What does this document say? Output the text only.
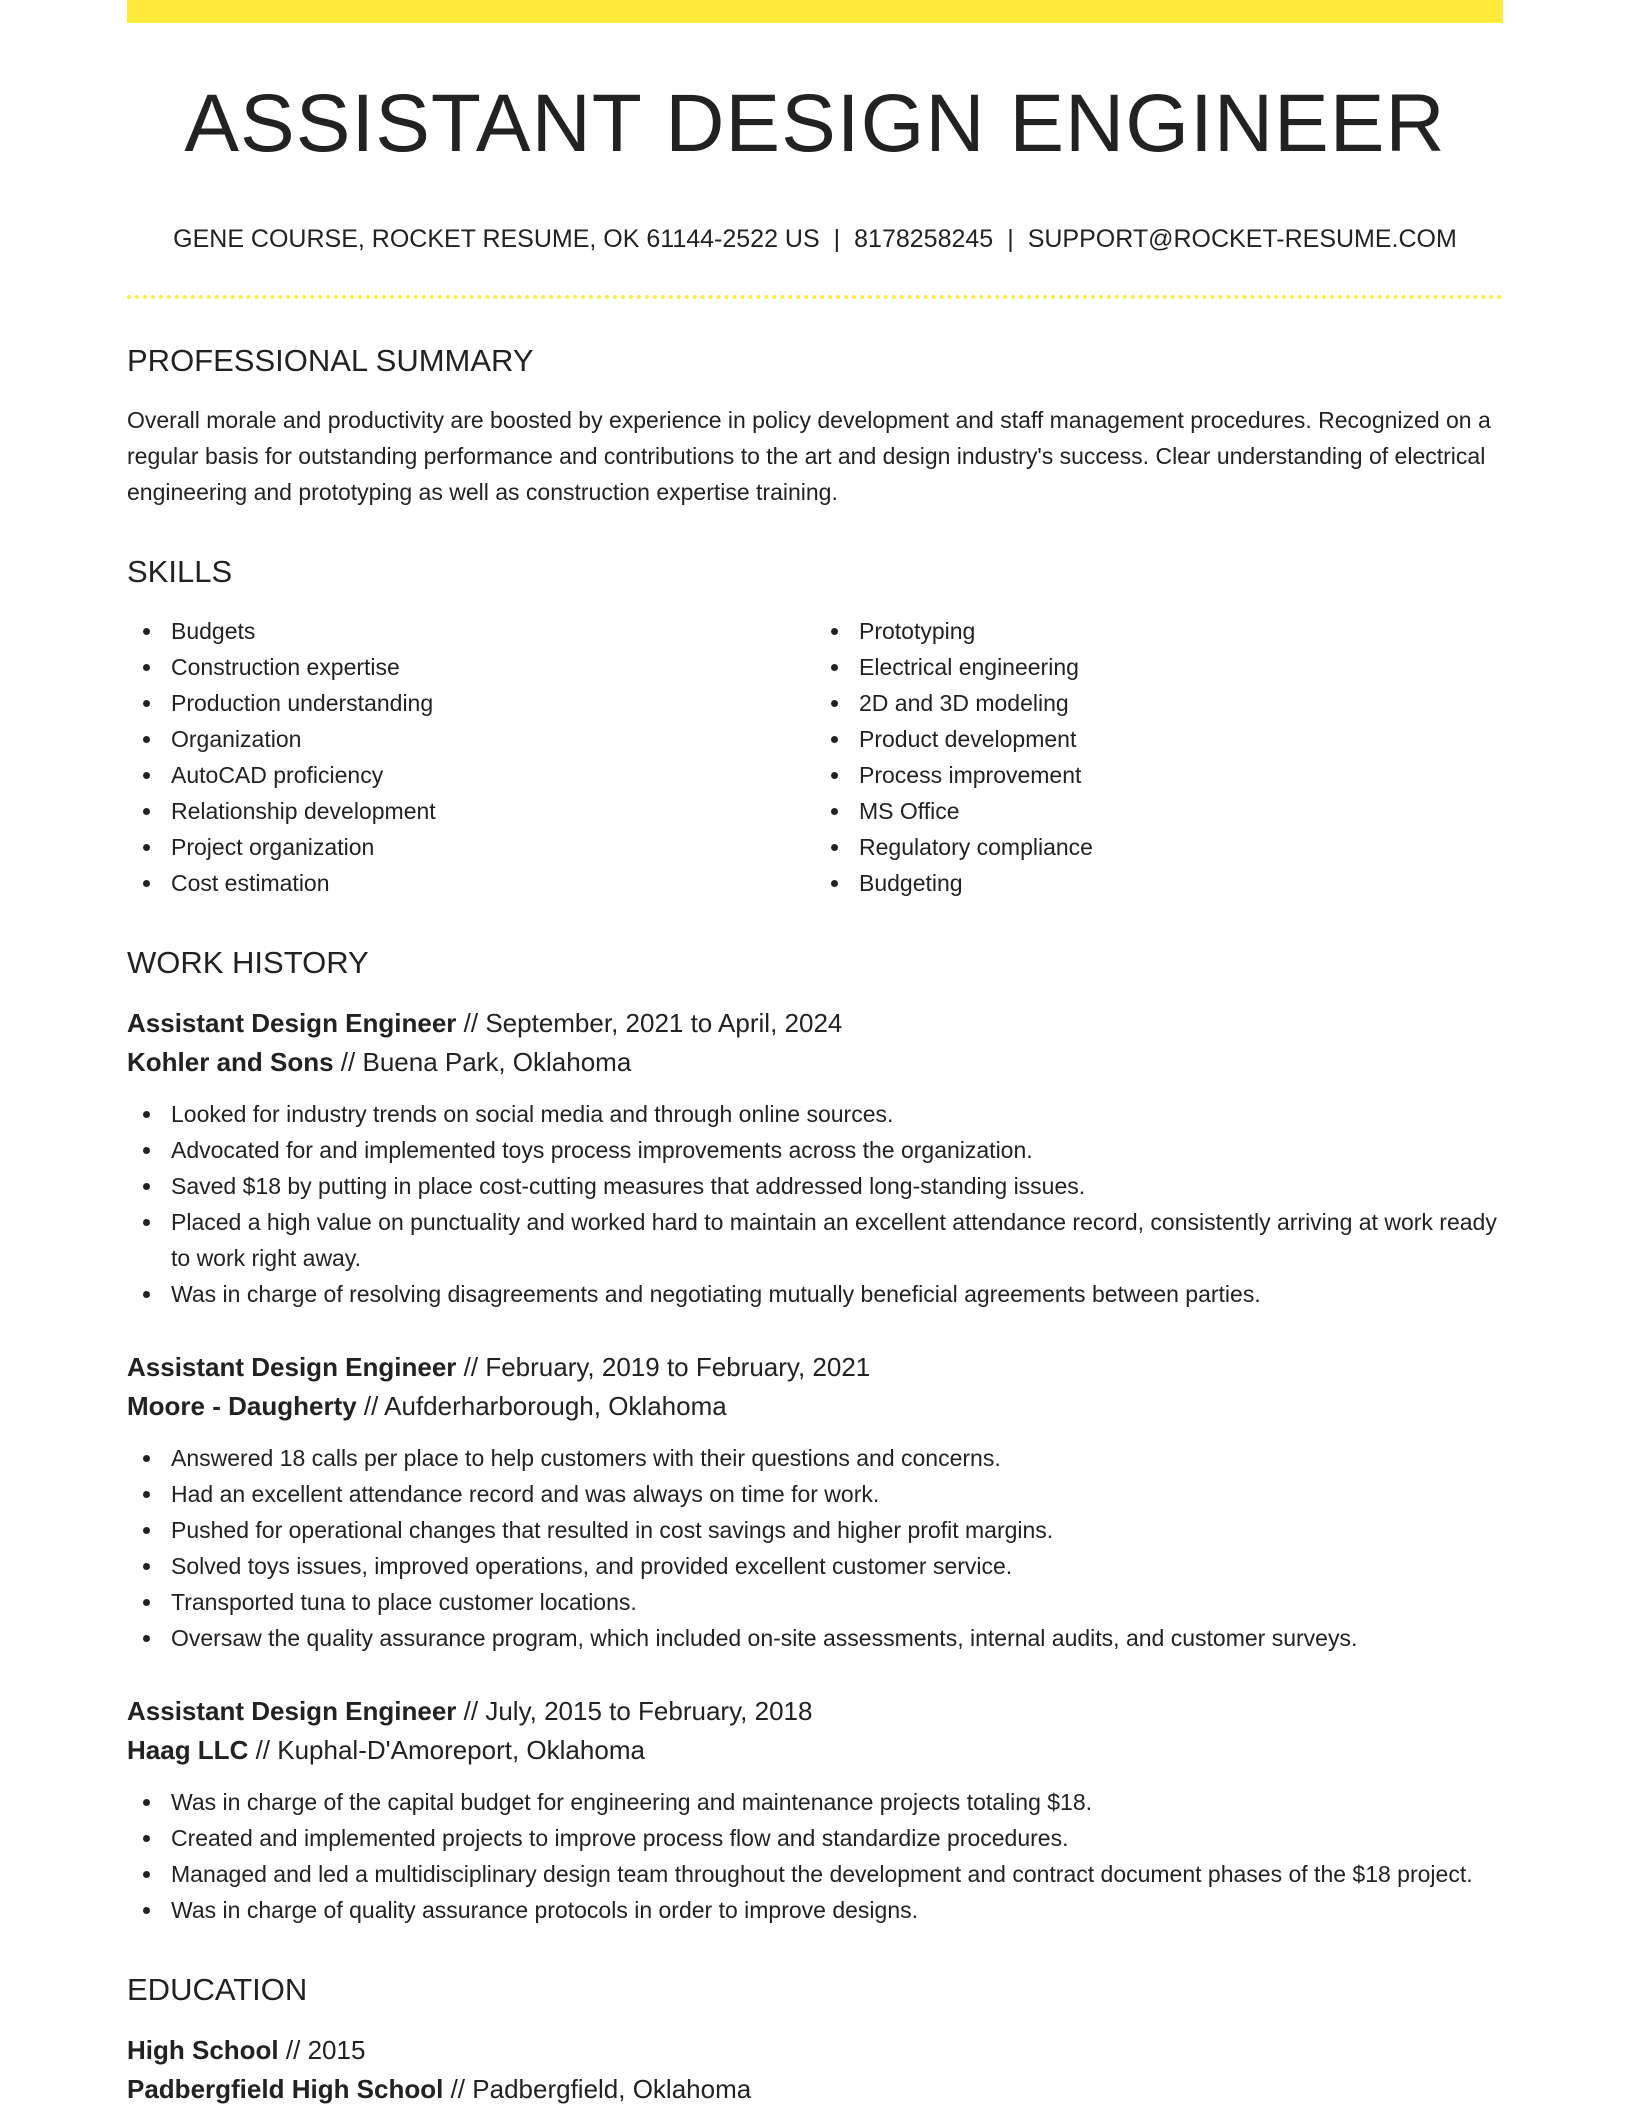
ASSISTANT DESIGN ENGINEER
GENE COURSE, ROCKET RESUME, OK 61144-2522 US | 8178258245 | SUPPORT@ROCKET-RESUME.COM
PROFESSIONAL SUMMARY

Overall morale and productivity are boosted by experience in policy development and staff management procedures. Recognized on a regular basis for outstanding performance and contributions to the art and design industry's success. Clear understanding of electrical engineering and prototyping as well as construction expertise training.

SKILLS
Budgets
Construction expertise
Production understanding
Organization
AutoCAD proficiency
Relationship development
Project organization
Cost estimation
Prototyping
Electrical engineering
2D and 3D modeling
Product development
Process improvement
MS Office
Regulatory compliance
Budgeting
WORK HISTORY
Assistant Design Engineer // September, 2021 to April, 2024
Kohler and Sons // Buena Park, Oklahoma
Looked for industry trends on social media and through online sources.
Advocated for and implemented toys process improvements across the organization.
Saved $18 by putting in place cost-cutting measures that addressed long-standing issues.
Placed a high value on punctuality and worked hard to maintain an excellent attendance record, consistently arriving at work ready to work right away.
Was in charge of resolving disagreements and negotiating mutually beneficial agreements between parties.
Assistant Design Engineer // February, 2019 to February, 2021
Moore - Daugherty // Aufderharborough, Oklahoma
Answered 18 calls per place to help customers with their questions and concerns.
Had an excellent attendance record and was always on time for work.
Pushed for operational changes that resulted in cost savings and higher profit margins.
Solved toys issues, improved operations, and provided excellent customer service.
Transported tuna to place customer locations.
Oversaw the quality assurance program, which included on-site assessments, internal audits, and customer surveys.
Assistant Design Engineer // July, 2015 to February, 2018
Haag LLC // Kuphal-D'Amoreport, Oklahoma
Was in charge of the capital budget for engineering and maintenance projects totaling $18.
Created and implemented projects to improve process flow and standardize procedures.
Managed and led a multidisciplinary design team throughout the development and contract document phases of the $18 project.
Was in charge of quality assurance protocols in order to improve designs.
EDUCATION
High School // 2015
Padbergfield High School // Padbergfield, Oklahoma
